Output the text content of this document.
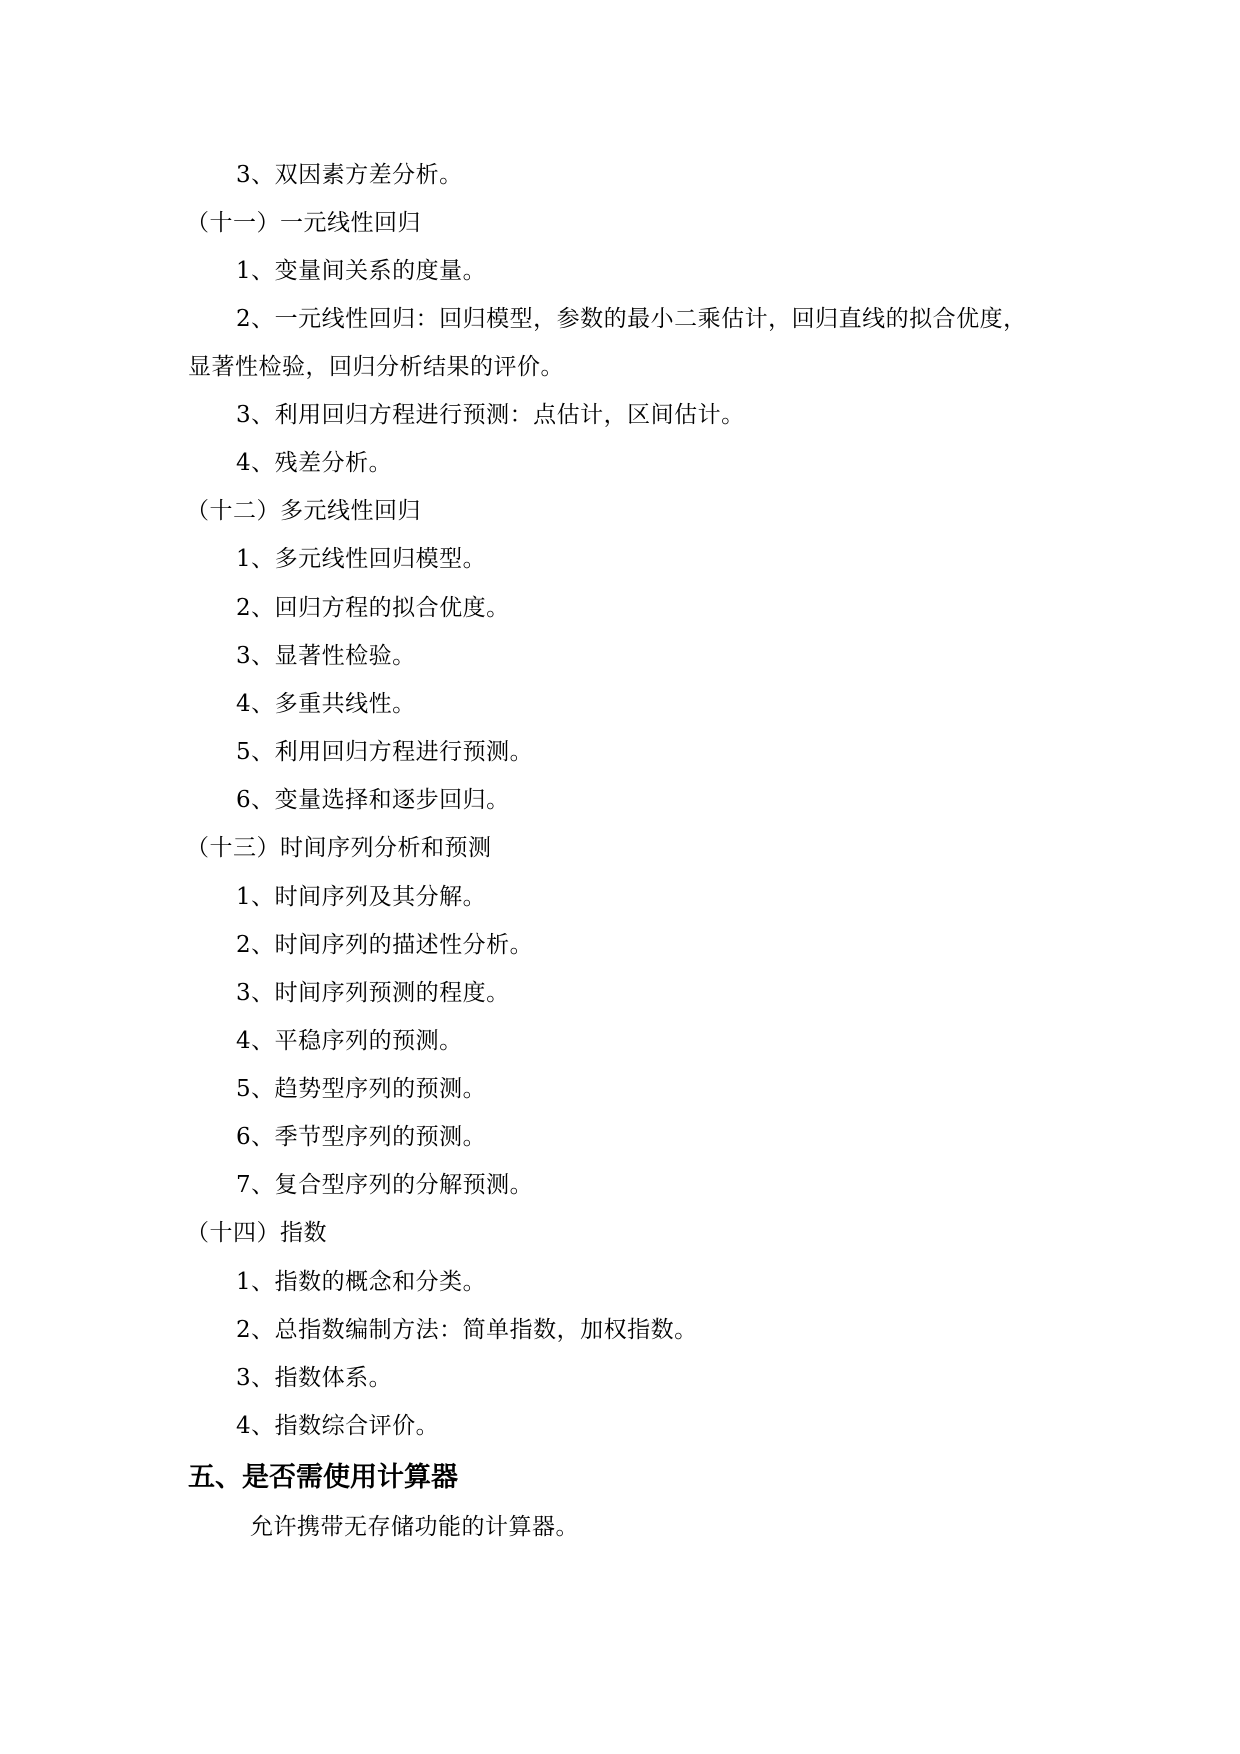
3、双因素方差分析。
（十一）一元线性回归
1、变量间关系的度量。
2、一元线性回归：回归模型，参数的最小二乘估计，回归直线的拟合优度，
显著性检验，回归分析结果的评价。
3、利用回归方程进行预测：点估计，区间估计。
4、残差分析。
（十二）多元线性回归
1、多元线性回归模型。
2、回归方程的拟合优度。
3、显著性检验。
4、多重共线性。
5、利用回归方程进行预测。
6、变量选择和逐步回归。
（十三）时间序列分析和预测
1、时间序列及其分解。
2、时间序列的描述性分析。
3、时间序列预测的程度。
4、平稳序列的预测。
5、趋势型序列的预测。
6、季节型序列的预测。
7、复合型序列的分解预测。
（十四）指数
1、指数的概念和分类。
2、总指数编制方法：简单指数，加权指数。
3、指数体系。
4、指数综合评价。
五、是否需使用计算器
允许携带无存储功能的计算器。
